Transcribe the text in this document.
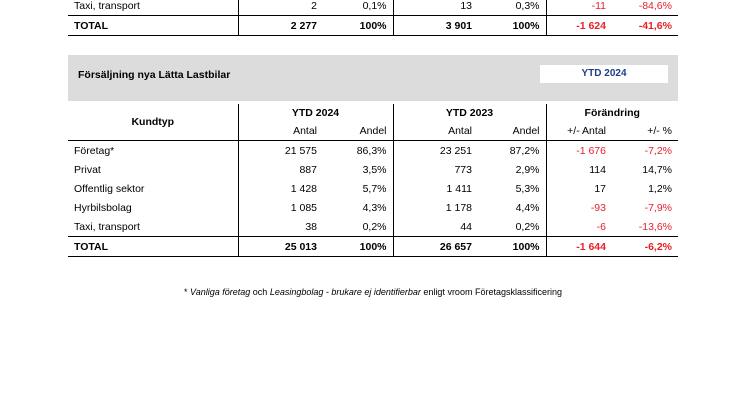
Taxi, transport	2	0,1%	13	0,3%	-11	-84,6%
TOTAL	2 277	100%	3 901	100%	-1 624	-41,6%
Försäljning nya Lätta Lastbilar	YTD 2024
Kundtyp	YTD 2024		YTD 2023		Förändring	
	Antal	Andel	Antal	Andel	+/- Antal	+/- %
Företag*	21 575	86,3%	23 251	87,2%	-1 676	-7,2%
Privat	887	3,5%	773	2,9%	114	14,7%
Offentlig sektor	1 428	5,7%	1 411	5,3%	17	1,2%
Hyrbilsbolag	1 085	4,3%	1 178	4,4%	-93	-7,9%
Taxi, transport	38	0,2%	44	0,2%	-6	-13,6%
TOTAL	25 013	100%	26 657	100%	-1 644	-6,2%
* Vanliga företag och Leasingbolag - brukare ej identifierbar enligt vroom Företagsklassificering
